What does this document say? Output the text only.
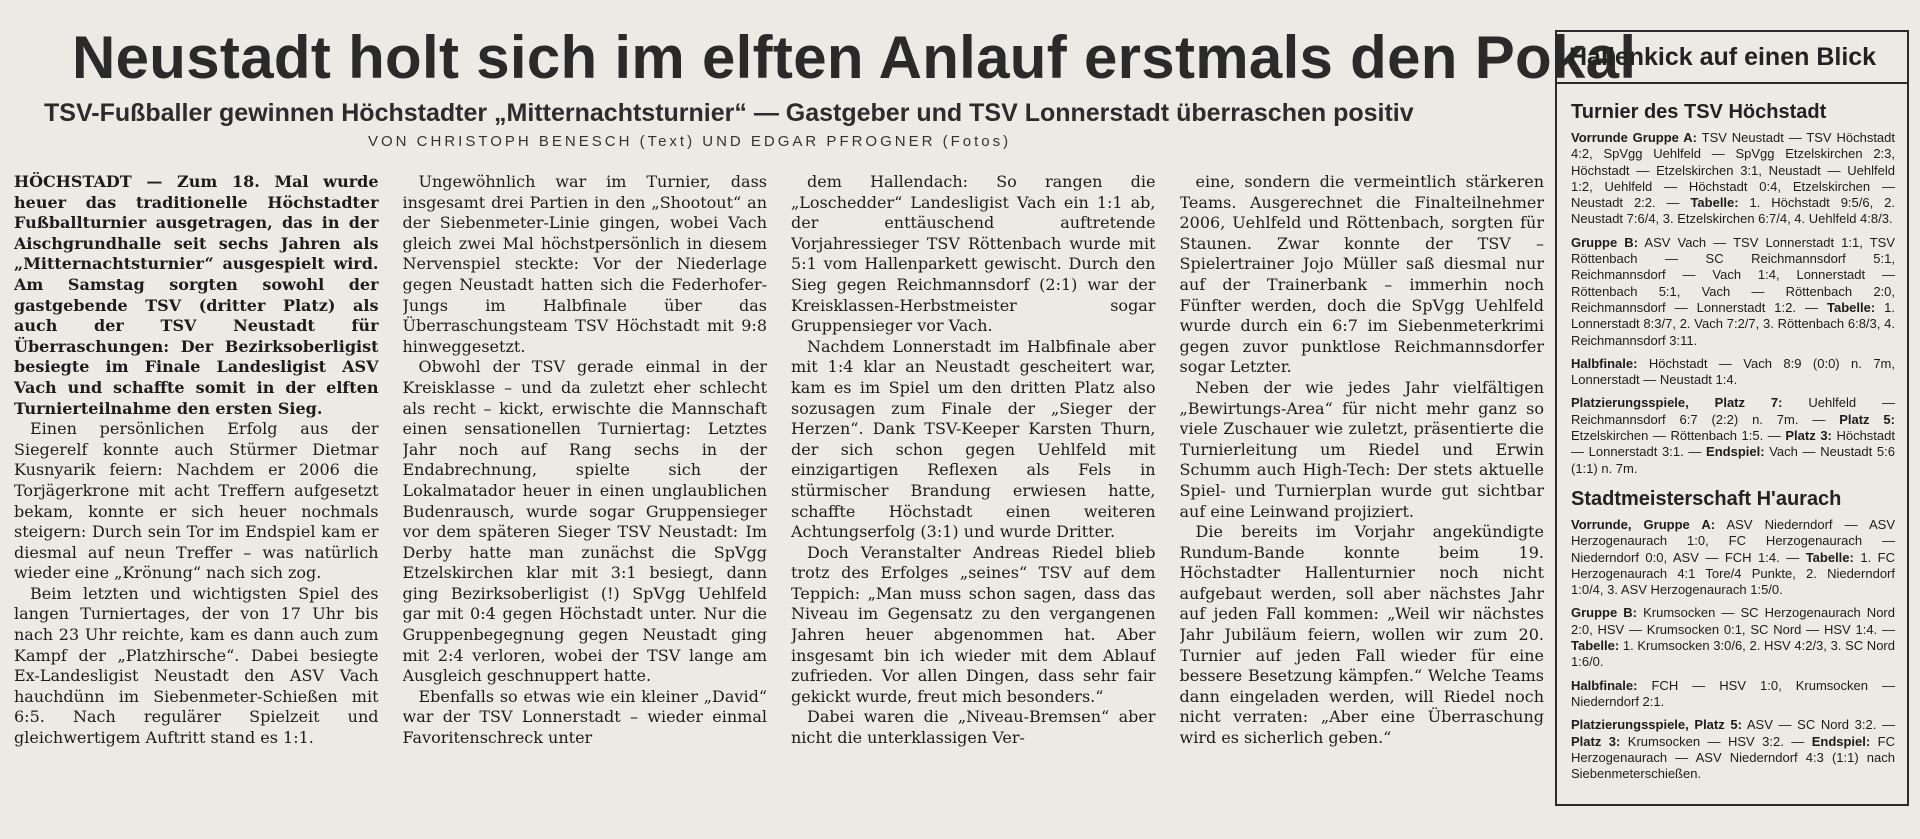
Neustadt holt sich im elften Anlauf erstmals den Pokal
TSV-Fußballer gewinnen Höchstadter „Mitternachtsturnier“ — Gastgeber und TSV Lonnerstadt überraschen positiv
VON CHRISTOPH BENESCH (Text) UND EDGAR PFROGNER (Fotos)

HÖCHSTADT — Zum 18. Mal wurde heuer das traditionelle Höchstadter Fußballturnier ausgetragen, das in der Aischgrundhalle seit sechs Jahren als „Mitternachtsturnier“ ausgespielt wird. Am Samstag sorgten sowohl der gastgebende TSV (dritter Platz) als auch der TSV Neustadt für Überraschungen: Der Bezirksoberligist besiegte im Finale Landesligist ASV Vach und schaffte somit in der elften Turnierteilnahme den ersten Sieg.

Einen persönlichen Erfolg aus der Siegerelf konnte auch Stürmer Dietmar Kusnyarik feiern: Nachdem er 2006 die Torjägerkrone mit acht Treffern aufgesetzt bekam, konnte er sich heuer nochmals steigern: Durch sein Tor im Endspiel kam er diesmal auf neun Treffer – was natürlich wieder eine „Krönung“ nach sich zog.

Beim letzten und wichtigsten Spiel des langen Turniertages, der von 17 Uhr bis nach 23 Uhr reichte, kam es dann auch zum Kampf der „Platzhirsche“. Dabei besiegte Ex-Landesligist Neustadt den ASV Vach hauchdünn im Siebenmeter-Schießen mit 6:5. Nach regulärer Spielzeit und gleichwertigem Auftritt stand es 1:1.

Ungewöhnlich war im Turnier, dass insgesamt drei Partien in den „Shootout“ an der Siebenmeter-Linie gingen, wobei Vach gleich zwei Mal höchstpersönlich in diesem Nervenspiel steckte: Vor der Niederlage gegen Neustadt hatten sich die Federhofer-Jungs im Halbfinale über das Überraschungsteam TSV Höchstadt mit 9:8 hinweggesetzt.

Obwohl der TSV gerade einmal in der Kreisklasse – und da zuletzt eher schlecht als recht – kickt, erwischte die Mannschaft einen sensationellen Turniertag: Letztes Jahr noch auf Rang sechs in der Endabrechnung, spielte sich der Lokalmatador heuer in einen unglaublichen Budenrausch, wurde sogar Gruppensieger vor dem späteren Sieger TSV Neustadt: Im Derby hatte man zunächst die SpVgg Etzelskirchen klar mit 3:1 besiegt, dann ging Bezirksoberligist (!) SpVgg Uehlfeld gar mit 0:4 gegen Höchstadt unter. Nur die Gruppenbegegnung gegen Neustadt ging mit 2:4 verloren, wobei der TSV lange am Ausgleich geschnuppert hatte.

Ebenfalls so etwas wie ein kleiner „David“ war der TSV Lonnerstadt – wieder einmal Favoritenschreck unter

dem Hallendach: So rangen die „Loschedder“ Landesligist Vach ein 1:1 ab, der enttäuschend auftretende Vorjahressieger TSV Röttenbach wurde mit 5:1 vom Hallenparkett gewischt. Durch den Sieg gegen Reichmannsdorf (2:1) war der Kreisklassen-Herbstmeister sogar Gruppensieger vor Vach.

Nachdem Lonnerstadt im Halbfinale aber mit 1:4 klar an Neustadt gescheitert war, kam es im Spiel um den dritten Platz also sozusagen zum Finale der „Sieger der Herzen“. Dank TSV-Keeper Karsten Thurn, der sich schon gegen Uehlfeld mit einzigartigen Reflexen als Fels in stürmischer Brandung erwiesen hatte, schaffte Höchstadt einen weiteren Achtungserfolg (3:1) und wurde Dritter.

Doch Veranstalter Andreas Riedel blieb trotz des Erfolges „seines“ TSV auf dem Teppich: „Man muss schon sagen, dass das Niveau im Gegensatz zu den vergangenen Jahren heuer abgenommen hat. Aber insgesamt bin ich wieder mit dem Ablauf zufrieden. Vor allen Dingen, dass sehr fair gekickt wurde, freut mich besonders.“

Dabei waren die „Niveau-Bremsen“ aber nicht die unterklassigen Ver-

eine, sondern die vermeintlich stärkeren Teams. Ausgerechnet die Finalteilnehmer 2006, Uehlfeld und Röttenbach, sorgten für Staunen. Zwar konnte der TSV – Spielertrainer Jojo Müller saß diesmal nur auf der Trainerbank – immerhin noch Fünfter werden, doch die SpVgg Uehlfeld wurde durch ein 6:7 im Siebenmeterkrimi gegen zuvor punktlose Reichmannsdorfer sogar Letzter.

Neben der wie jedes Jahr vielfältigen „Bewirtungs-Area“ für nicht mehr ganz so viele Zuschauer wie zuletzt, präsentierte die Turnierleitung um Riedel und Erwin Schumm auch High-Tech: Der stets aktuelle Spiel- und Turnierplan wurde gut sichtbar auf eine Leinwand projiziert.

Die bereits im Vorjahr angekündigte Rundum-Bande konnte beim 19. Höchstadter Hallenturnier noch nicht aufgebaut werden, soll aber nächstes Jahr auf jeden Fall kommen: „Weil wir nächstes Jahr Jubiläum feiern, wollen wir zum 20. Turnier auf jeden Fall wieder für eine bessere Besetzung kämpfen.“ Welche Teams dann eingeladen werden, will Riedel noch nicht verraten: „Aber eine Überraschung wird es sicherlich geben.“

Hallenkick auf einen Blick
Turnier des TSV Höchstadt

Vorrunde Gruppe A: TSV Neustadt — TSV Höchstadt 4:2, SpVgg Uehlfeld — SpVgg Etzelskirchen 2:3, Höchstadt — Etzelskirchen 3:1, Neustadt — Uehlfeld 1:2, Uehlfeld — Höchstadt 0:4, Etzelskirchen — Neustadt 2:2. — Tabelle: 1. Höchstadt 9:5/6, 2. Neustadt 7:6/4, 3. Etzelskirchen 6:7/4, 4. Uehlfeld 4:8/3.

Gruppe B: ASV Vach — TSV Lonnerstadt 1:1, TSV Röttenbach — SC Reichmannsdorf 5:1, Reichmannsdorf — Vach 1:4, Lonnerstadt — Röttenbach 5:1, Vach — Röttenbach 2:0, Reichmannsdorf — Lonnerstadt 1:2. — Tabelle: 1. Lonnerstadt 8:3/7, 2. Vach 7:2/7, 3. Röttenbach 6:8/3, 4. Reichmannsdorf 3:11.

Halbfinale: Höchstadt — Vach 8:9 (0:0) n. 7m, Lonnerstadt — Neustadt 1:4.

Platzierungsspiele, Platz 7: Uehlfeld — Reichmannsdorf 6:7 (2:2) n. 7m. — Platz 5: Etzelskirchen — Röttenbach 1:5. — Platz 3: Höchstadt — Lonnerstadt 3:1. — Endspiel: Vach — Neustadt 5:6 (1:1) n. 7m.

Stadtmeisterschaft H'aurach

Vorrunde, Gruppe A: ASV Niederndorf — ASV Herzogenaurach 1:0, FC Herzogenaurach — Niederndorf 0:0, ASV — FCH 1:4. — Tabelle: 1. FC Herzogenaurach 4:1 Tore/4 Punkte, 2. Niederndorf 1:0/4, 3. ASV Herzogenaurach 1:5/0.

Gruppe B: Krumsocken — SC Herzogenaurach Nord 2:0, HSV — Krumsocken 0:1, SC Nord — HSV 1:4. — Tabelle: 1. Krumsocken 3:0/6, 2. HSV 4:2/3, 3. SC Nord 1:6/0.

Halbfinale: FCH — HSV 1:0, Krumsocken — Niederndorf 2:1.

Platzierungsspiele, Platz 5: ASV — SC Nord 3:2. — Platz 3: Krumsocken — HSV 3:2. — Endspiel: FC Herzogenaurach — ASV Niederndorf 4:3 (1:1) nach Siebenmeterschießen.
